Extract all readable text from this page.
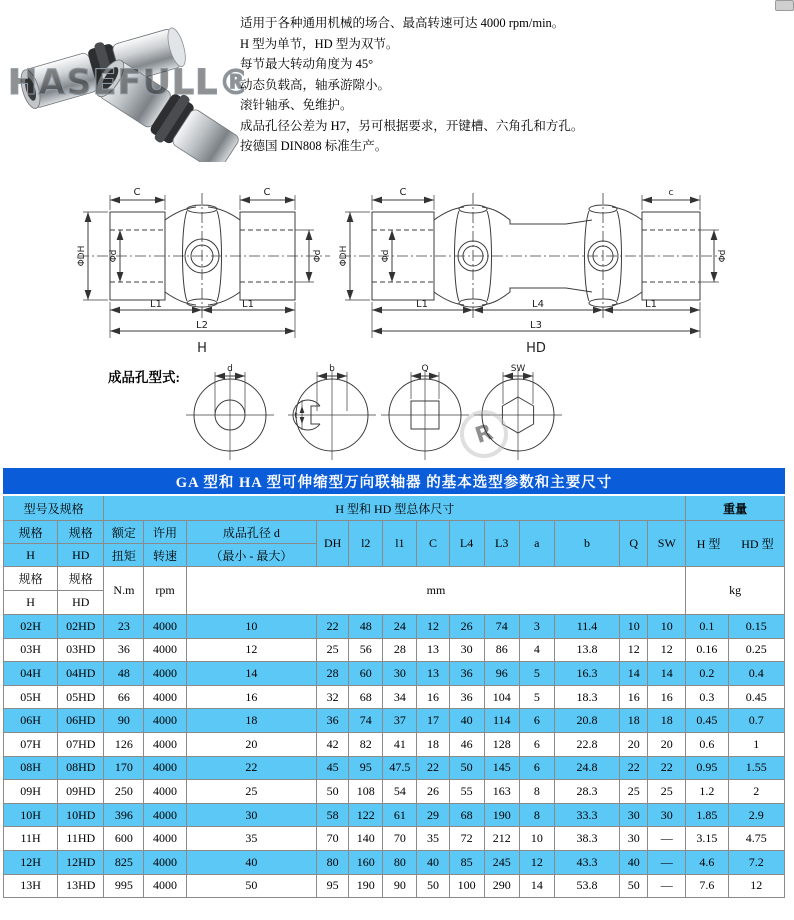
HASEFULL®
适用于各种通用机械的场合、最高转速可达 4000 rpm/min。
H 型为单节，HD 型为双节。
每节最大转动角度为 45°
动态负载高，轴承游隙小。
滚针轴承、免维护。
成品孔径公差为 H7，另可根据要求，开键槽、六角孔和方孔。
按德国 DIN808 标准生产。
C	C
ΦDH Φd	Φd
L1	L1
L2
H
C	c
ΦDH	Φd	Φd
L1	L4	L1
L3
HD
成品孔型式:
d	b
t
Q	SW
R
GA 型和 HA 型可伸缩型万向联轴器 的基本选型参数和主要尺寸																
型号及规格		H 型和 HD 型总体尺寸													重量	
规格	规格	额定	许用	成品孔径 d	DH	l2	l1	C	L4	L3	a	b	Q	SW	H 型 HD 型	

H	HD	扭矩	转速	（最小 - 最大）												
规格	规格	N.m	rpm	mm											kg	
H	HD															
02H	02HD	23	4000	10	22	48	24	12	26	74	3	11.4	10	10	0.1	0.15
03H	03HD	36	4000	12	25	56	28	13	30	86	4	13.8	12	12	0.16	0.25
04H	04HD	48	4000	14	28	60	30	13	36	96	5	16.3	14	14	0.2	0.4
05H	05HD	66	4000	16	32	68	34	16	36	104	5	18.3	16	16	0.3	0.45
06H	06HD	90	4000	18	36	74	37	17	40	114	6	20.8	18	18	0.45	0.7
07H	07HD	126	4000	20	42	82	41	18	46	128	6	22.8	20	20	0.6	1
08H	08HD	170	4000	22	45	95	47.5	22	50	145	6	24.8	22	22	0.95	1.55
09H	09HD	250	4000	25	50	108	54	26	55	163	8	28.3	25	25	1.2	2
10H	10HD	396	4000	30	58	122	61	29	68	190	8	33.3	30	30	1.85	2.9
11H	11HD	600	4000	35	70	140	70	35	72	212	10	38.3	30	—	3.15	4.75
12H	12HD	825	4000	40	80	160	80	40	85	245	12	43.3	40	—	4.6	7.2
13H	13HD	995	4000	50	95	190	90	50	100	290	14	53.8	50	—	7.6	12
